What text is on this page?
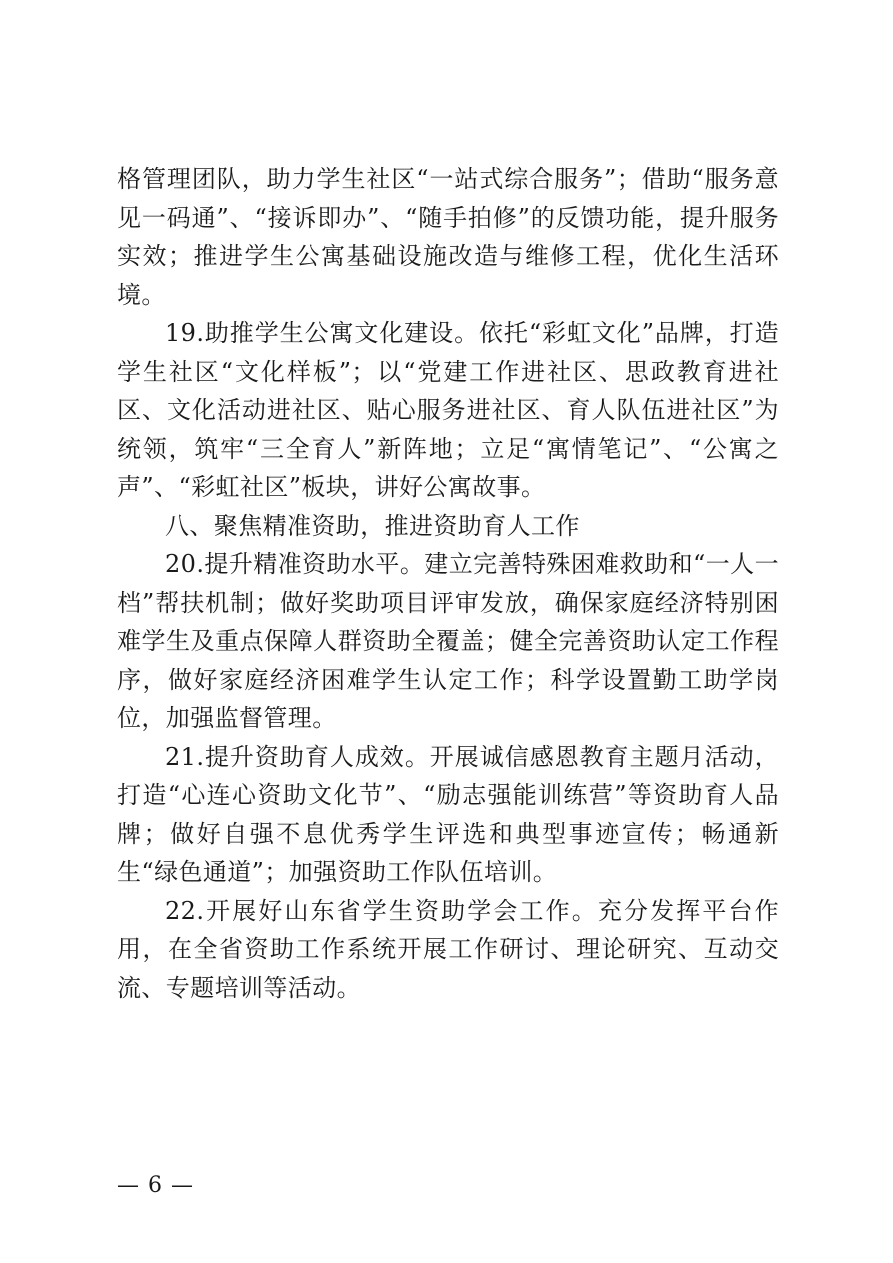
格管理团队，助力学生社区“一站式综合服务”；借助“服务意见一码通”、“接诉即办”、“随手拍修”的反馈功能，提升服务实效；推进学生公寓基础设施改造与维修工程，优化生活环境。

19.助推学生公寓文化建设。依托“彩虹文化”品牌，打造学生社区“文化样板”；以“党建工作进社区、思政教育进社区、文化活动进社区、贴心服务进社区、育人队伍进社区”为统领，筑牢“三全育人”新阵地；立足“寓情笔记”、“公寓之声”、“彩虹社区”板块，讲好公寓故事。

八、聚焦精准资助，推进资助育人工作

20.提升精准资助水平。建立完善特殊困难救助和“一人一档”帮扶机制；做好奖助项目评审发放，确保家庭经济特别困难学生及重点保障人群资助全覆盖；健全完善资助认定工作程序，做好家庭经济困难学生认定工作；科学设置勤工助学岗位，加强监督管理。

21.提升资助育人成效。开展诚信感恩教育主题月活动，打造“心连心资助文化节”、“励志强能训练营”等资助育人品牌；做好自强不息优秀学生评选和典型事迹宣传；畅通新生“绿色通道”；加强资助工作队伍培训。

22.开展好山东省学生资助学会工作。充分发挥平台作用，在全省资助工作系统开展工作研讨、理论研究、互动交流、专题培训等活动。

— 6 —
